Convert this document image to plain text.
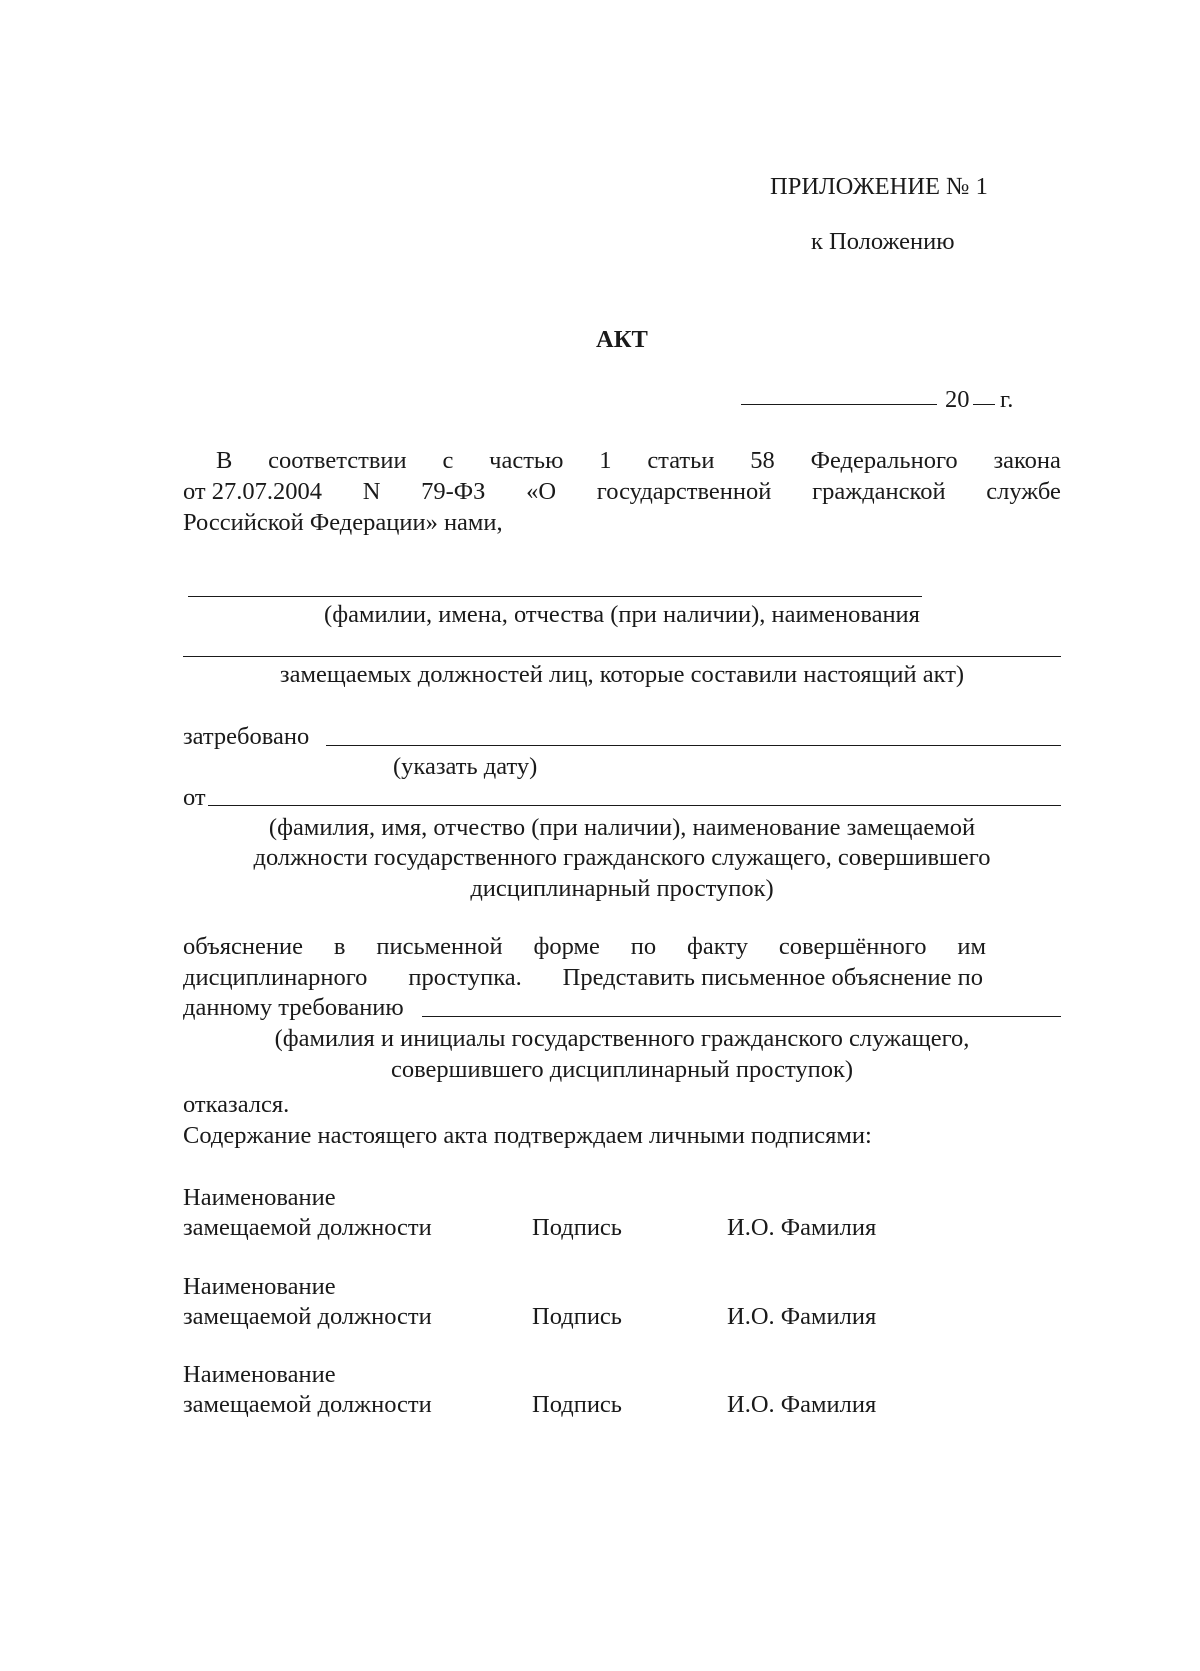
ПРИЛОЖЕНИЕ № 1
к Положению
АКТ
20 г.
В соответствии с частью 1 статьи 58 Федерального закона
от 27.07.2004 N 79-ФЗ «О государственной гражданской службе
Российской Федерации» нами,
(фамилии, имена, отчества (при наличии), наименования
замещаемых должностей лиц, которые составили настоящий акт)
затребовано
(указать дату)
от
(фамилия, имя, отчество (при наличии), наименование замещаемой
должности государственного гражданского служащего, совершившего
дисциплинарный проступок)
объяснение в письменной форме по факту совершённого им
дисциплинарного проступка. Представить письменное объяснение по
данному требованию
(фамилия и инициалы государственного гражданского служащего,
совершившего дисциплинарный проступок)
отказался.
Содержание настоящего акта подтверждаем личными подписями:
Наименование
замещаемой должности	Подпись	И.О. Фамилия
Наименование
замещаемой должности	Подпись	И.О. Фамилия
Наименование
замещаемой должности	Подпись	И.О. Фамилия
